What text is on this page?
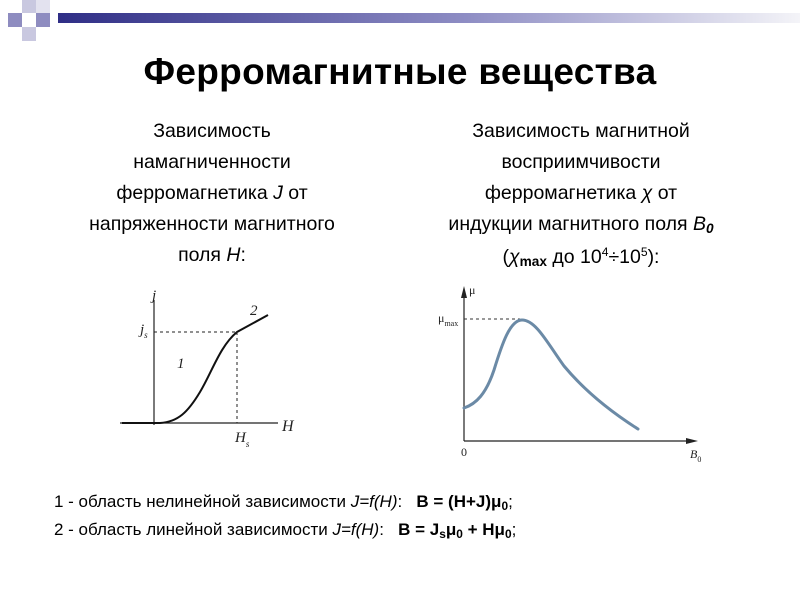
Ферромагнитные вещества
Зависимость
намагниченности
ферромагнетика J от
напряженности магнитного
поля H:
Зависимость магнитной
восприимчивости
ферромагнетика χ от
индукции магнитного поля $B_0$
($\chi_{max}$ до $10^4\div 10^5$):
j
$j_s$
1
2
$H_s$
H
μ
$\mu_{max}$
0	$B_0$
1 - область нелинейной зависимости J=f(H):   $B = (H+J)\mu_0$;
2 - область линейной зависимости J=f(H):   $B = J_s\mu_0 + H\mu_0$;
